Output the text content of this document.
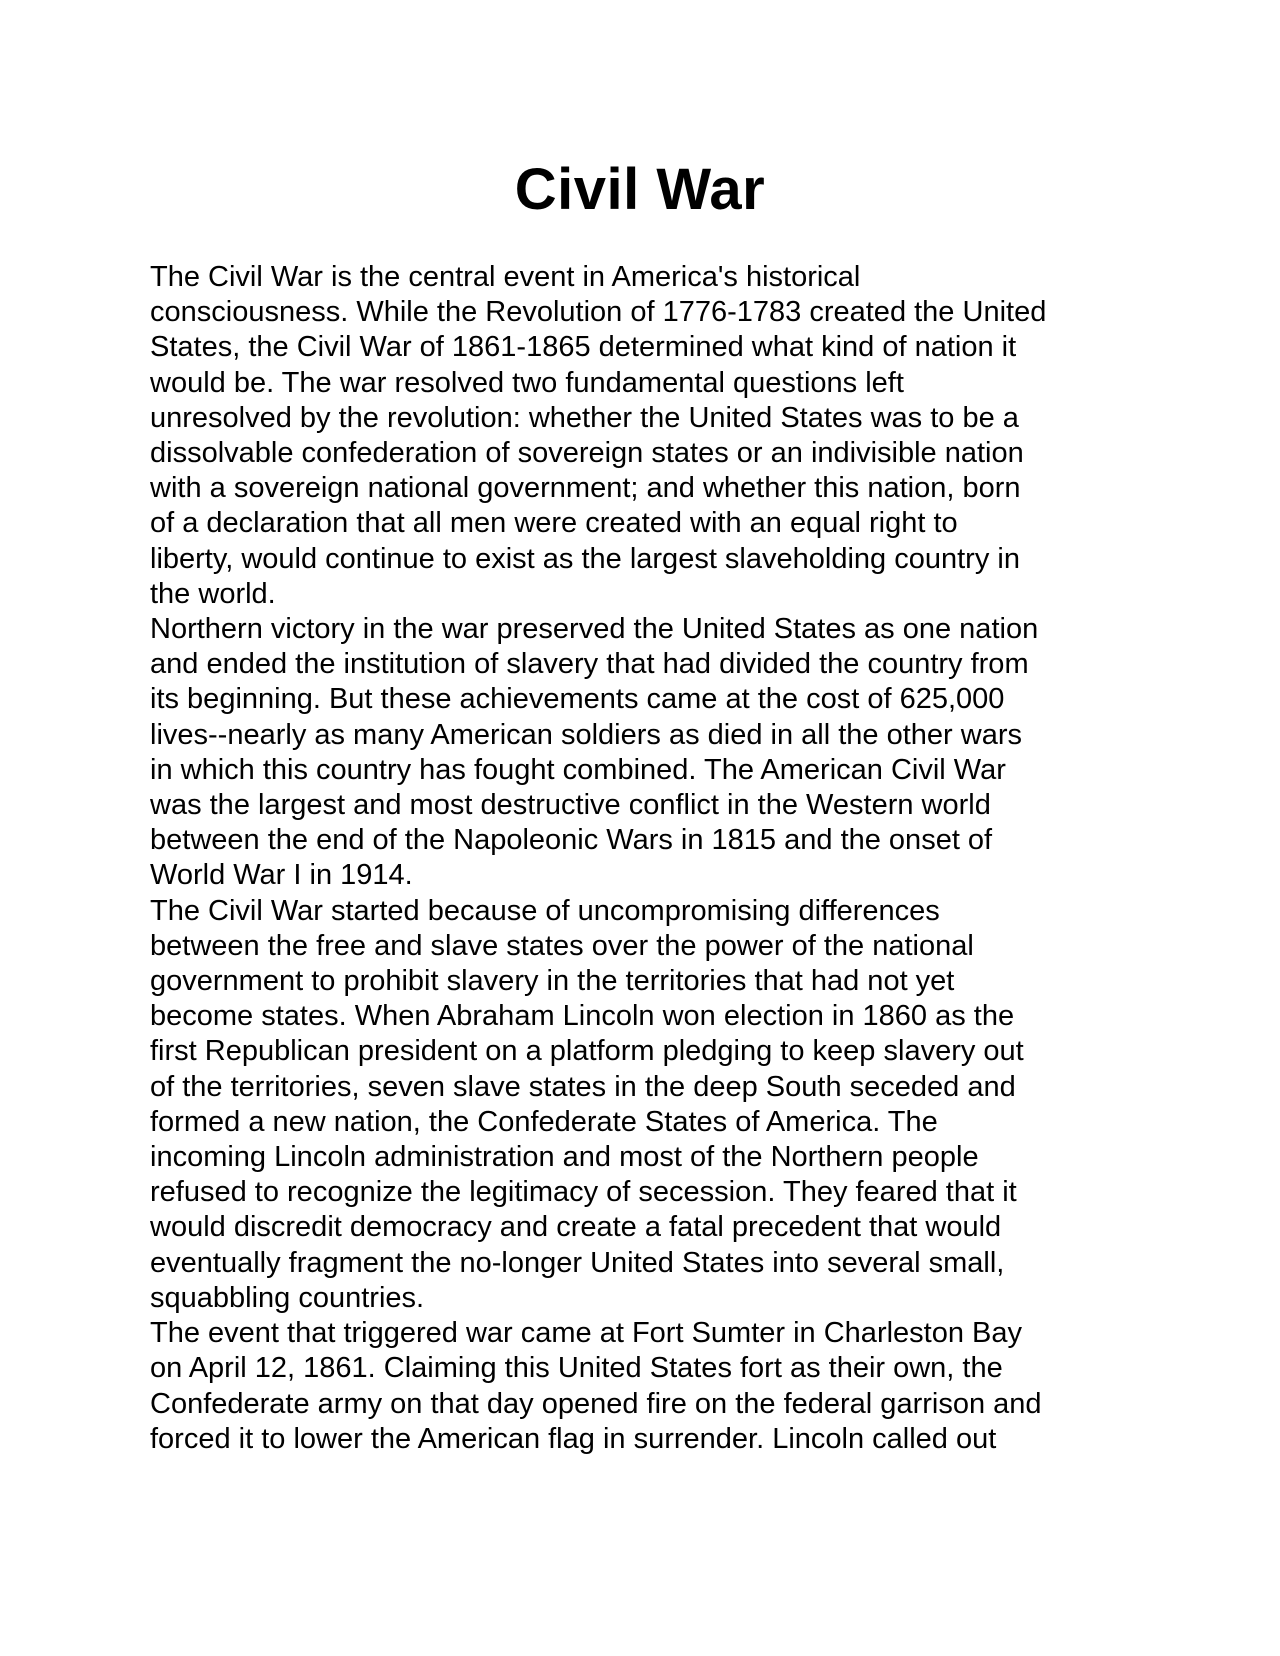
Civil War

The Civil War is the central event in America's historical
consciousness. While the Revolution of 1776-1783 created the United
States, the Civil War of 1861-1865 determined what kind of nation it
would be. The war resolved two fundamental questions left
unresolved by the revolution: whether the United States was to be a
dissolvable confederation of sovereign states or an indivisible nation
with a sovereign national government; and whether this nation, born
of a declaration that all men were created with an equal right to
liberty, would continue to exist as the largest slaveholding country in
the world.

Northern victory in the war preserved the United States as one nation
and ended the institution of slavery that had divided the country from
its beginning. But these achievements came at the cost of 625,000
lives--nearly as many American soldiers as died in all the other wars
in which this country has fought combined. The American Civil War
was the largest and most destructive conflict in the Western world
between the end of the Napoleonic Wars in 1815 and the onset of
World War I in 1914.

The Civil War started because of uncompromising differences
between the free and slave states over the power of the national
government to prohibit slavery in the territories that had not yet
become states. When Abraham Lincoln won election in 1860 as the
first Republican president on a platform pledging to keep slavery out
of the territories, seven slave states in the deep South seceded and
formed a new nation, the Confederate States of America. The
incoming Lincoln administration and most of the Northern people
refused to recognize the legitimacy of secession. They feared that it
would discredit democracy and create a fatal precedent that would
eventually fragment the no-longer United States into several small,
squabbling countries.

The event that triggered war came at Fort Sumter in Charleston Bay
on April 12, 1861. Claiming this United States fort as their own, the
Confederate army on that day opened fire on the federal garrison and
forced it to lower the American flag in surrender. Lincoln called out
